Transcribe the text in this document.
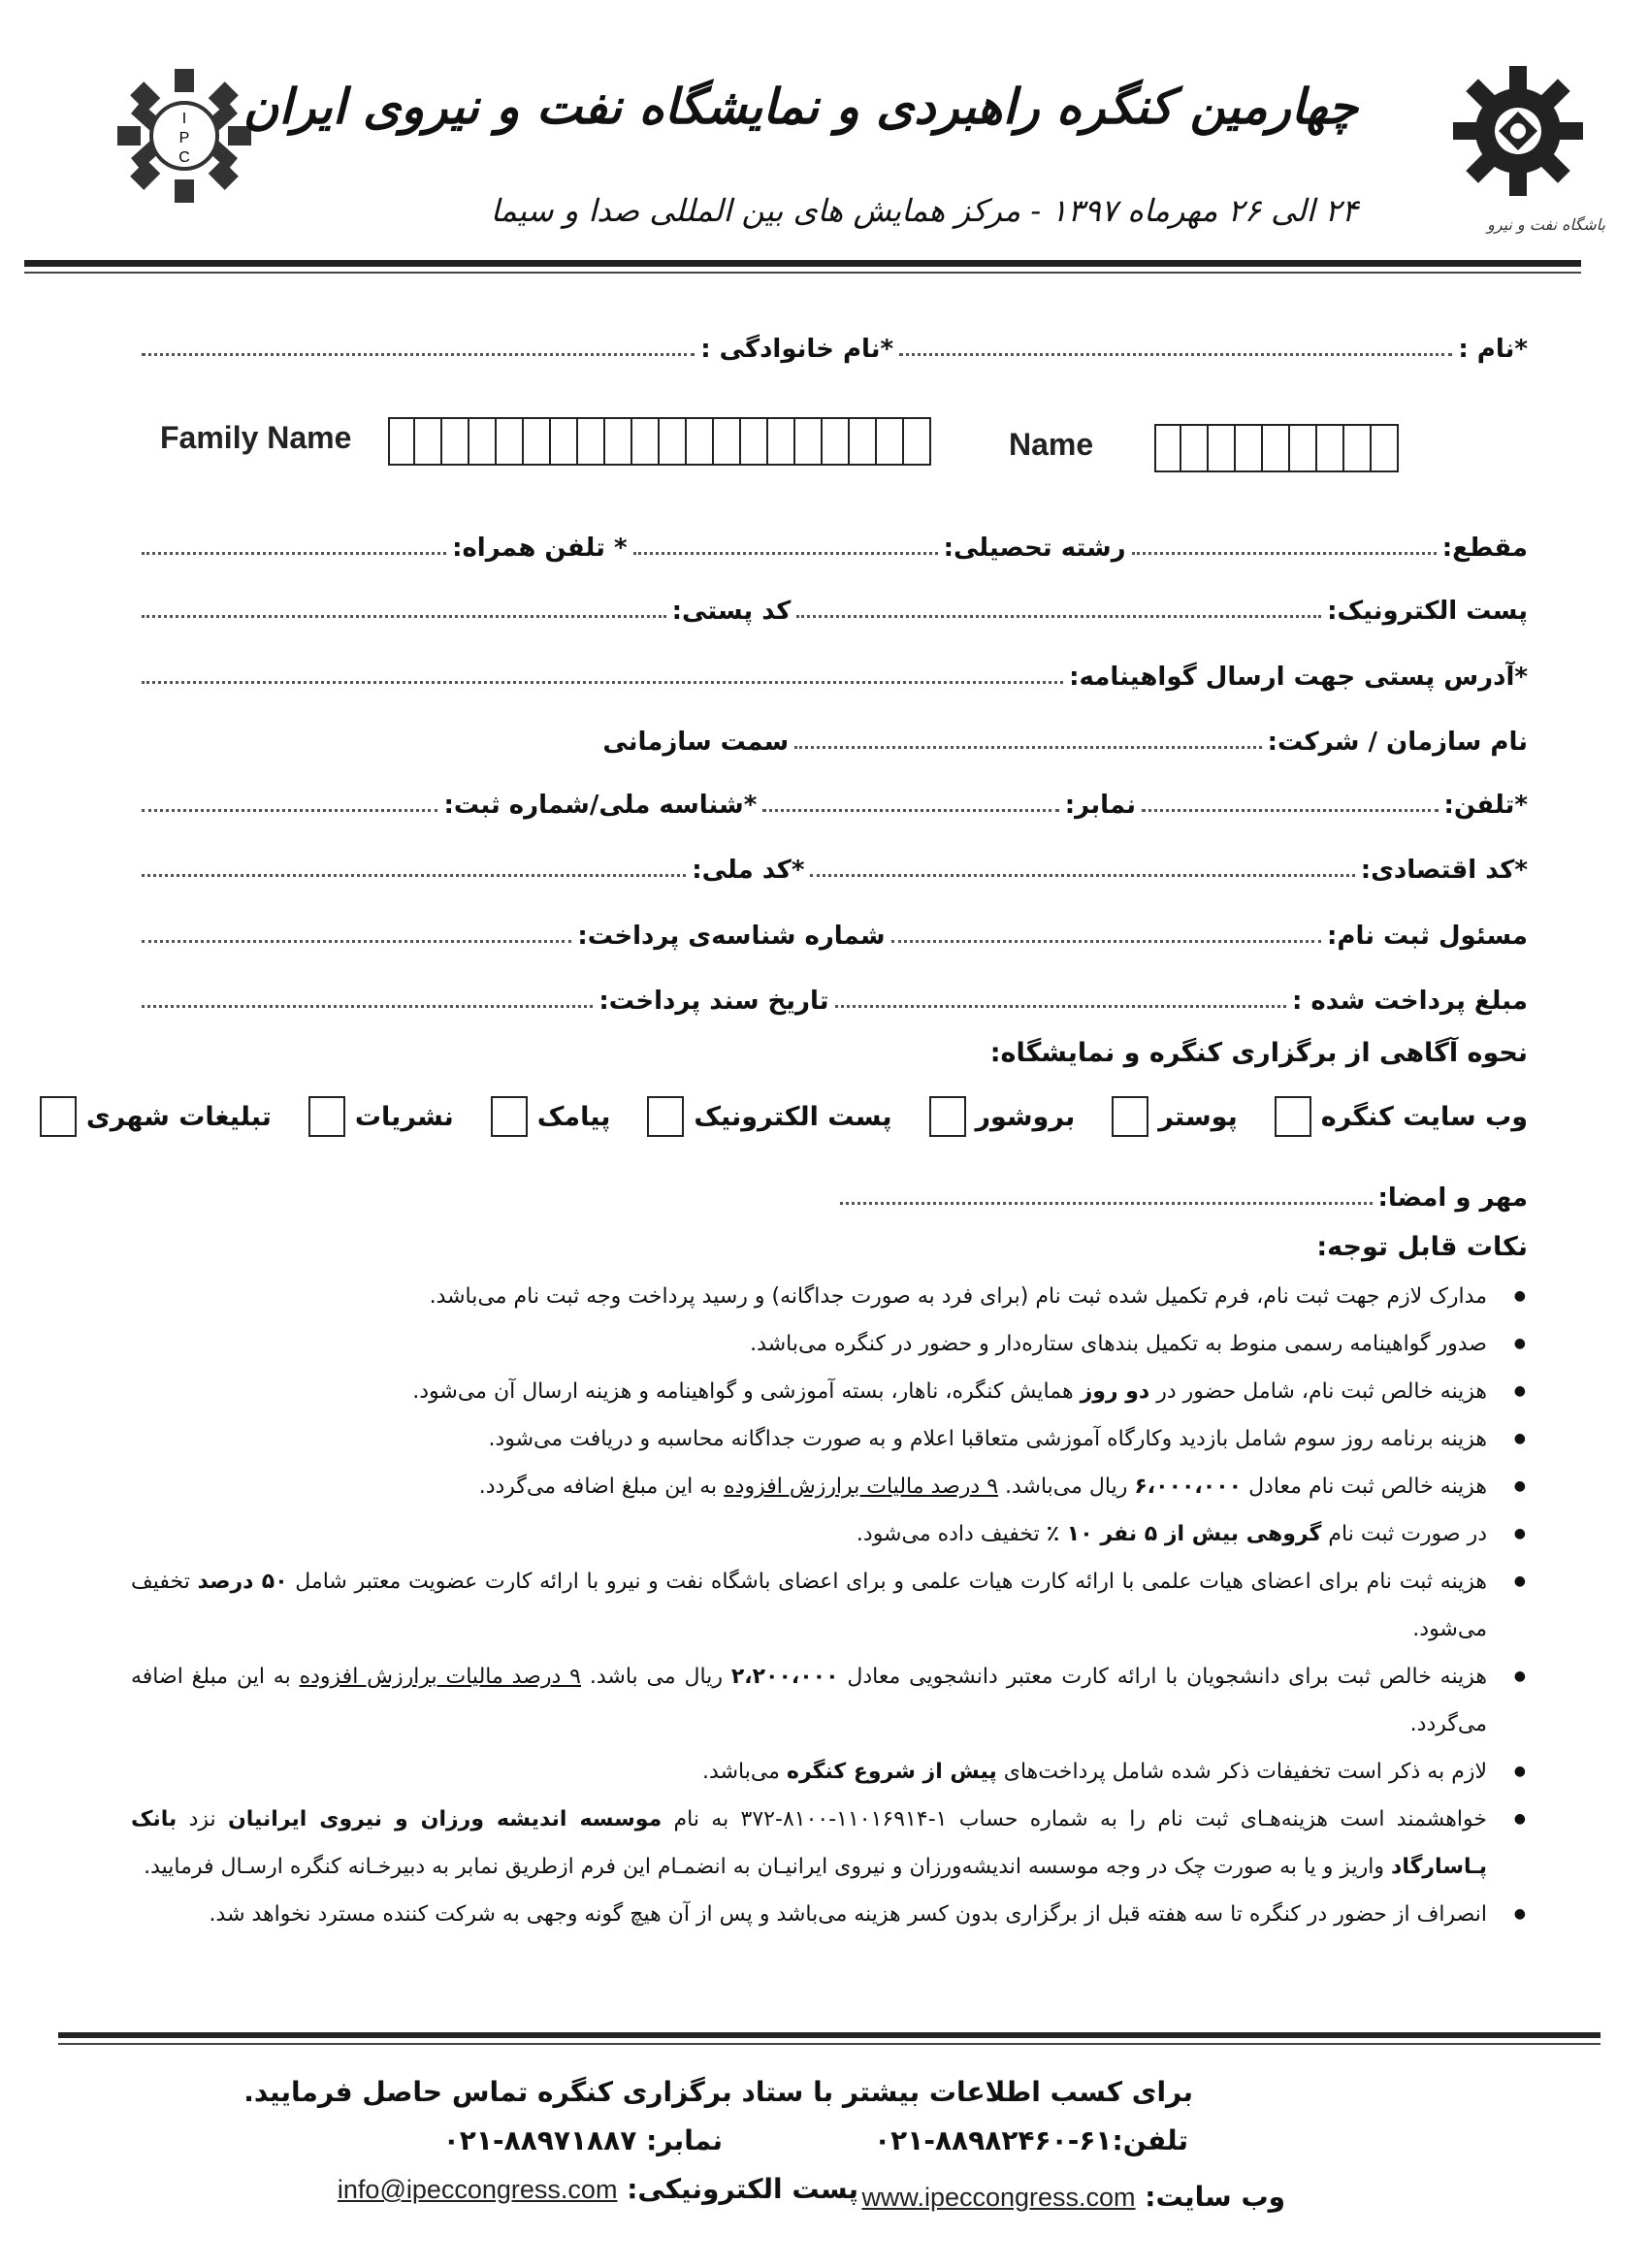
باشگاه نفت و نیرو
I
P
C
چهارمین کنگره راهبردی و نمایشگاه نفت و نیروی ایران
۲۴ الی ۲۶ مهرماه ۱۳۹۷ - مرکز همایش های بین المللی صدا و سیما
*نام :
*نام خانوادگی :
Name
Family Name
مقطع:
رشته تحصیلی:
* تلفن همراه:
پست الکترونیک:
کد پستی:
*آدرس پستی جهت ارسال گواهینامه:
نام سازمان / شرکت:
سمت سازمانی
*تلفن:
نمابر:
*شناسه ملی/شماره ثبت:
*کد اقتصادی:
*کد ملی:
مسئول ثبت نام:
شماره شناسه‌ی پرداخت:
مبلغ پرداخت شده :
تاریخ سند پرداخت:
نحوه آگاهی از برگزاری کنگره و نمایشگاه:
وب سایت کنگره
پوستر
بروشور
پست الکترونیک
پیامک
نشریات
تبلیغات شهری
مهر و امضا:
نکات قابل توجه:
● مدارک لازم جهت ثبت نام، فرم تکمیل شده ثبت نام (برای فرد به صورت جداگانه) و رسید پرداخت وجه ثبت نام می‌باشد.
● صدور گواهینامه رسمی منوط به تکمیل بندهای ستاره‌دار و حضور در کنگره می‌باشد.
● هزینه خالص ثبت نام، شامل حضور در دو روز همایش کنگره، ناهار، بسته آموزشی و گواهینامه و هزینه ارسال آن می‌شود.
● هزینه برنامه روز سوم شامل بازدید وکارگاه آموزشی متعاقبا اعلام و به صورت جداگانه محاسبه و دریافت می‌شود.
● هزینه خالص ثبت نام معادل ۶،۰۰۰،۰۰۰ ریال می‌باشد. ۹ درصد مالیات برارزش افزوده به این مبلغ اضافه می‌گردد.
● در صورت ثبت نام گروهی بیش از ۵ نفر ۱۰ ٪ تخفیف داده می‌شود.
● هزینه ثبت نام برای اعضای هیات علمی با ارائه کارت هیات علمی و برای اعضای باشگاه نفت و نیرو با ارائه کارت عضویت معتبر شامل ۵۰ درصد تخفیف می‌شود.
● هزینه خالص ثبت برای دانشجویان با ارائه کارت معتبر دانشجویی معادل ۲،۲۰۰،۰۰۰ ریال می باشد. ۹ درصد مالیات برارزش افزوده به این مبلغ اضافه می‌گردد.
● لازم به ذکر است تخفیفات ذکر شده شامل پرداخت‌های پیش از شروع کنگره می‌باشد.
● خواهشمند است هزینه‌هـای ثبت نام را به شماره حساب ۱-۱۱۰۱۶۹۱۴-۸۱۰۰-۳۷۲ به نام موسسه اندیشه ورزان و نیروی ایرانیان نزد بانک پـاسارگاد واریز و یا به صورت چک در وجه موسسه اندیشه‌ورزان و نیروی ایرانیـان به انضمـام این فرم ازطریق نمابر به دبیرخـانه کنگره ارسـال فرمایید.
● انصراف از حضور در کنگره تا سه هفته قبل از برگزاری بدون کسر هزینه می‌باشد و پس از آن هیچ گونه وجهی به شرکت کننده مسترد نخواهد شد.
برای کسب اطلاعات بیشتر با ستاد برگزاری کنگره تماس حاصل فرمایید.
تلفن:۶۱-۸۸۹۸۲۴۶۰-۰۲۱
نمابر: ۸۸۹۷۱۸۸۷-۰۲۱
وب سایت: www.ipeccongress.com
پست الکترونیکی: info@ipeccongress.com
